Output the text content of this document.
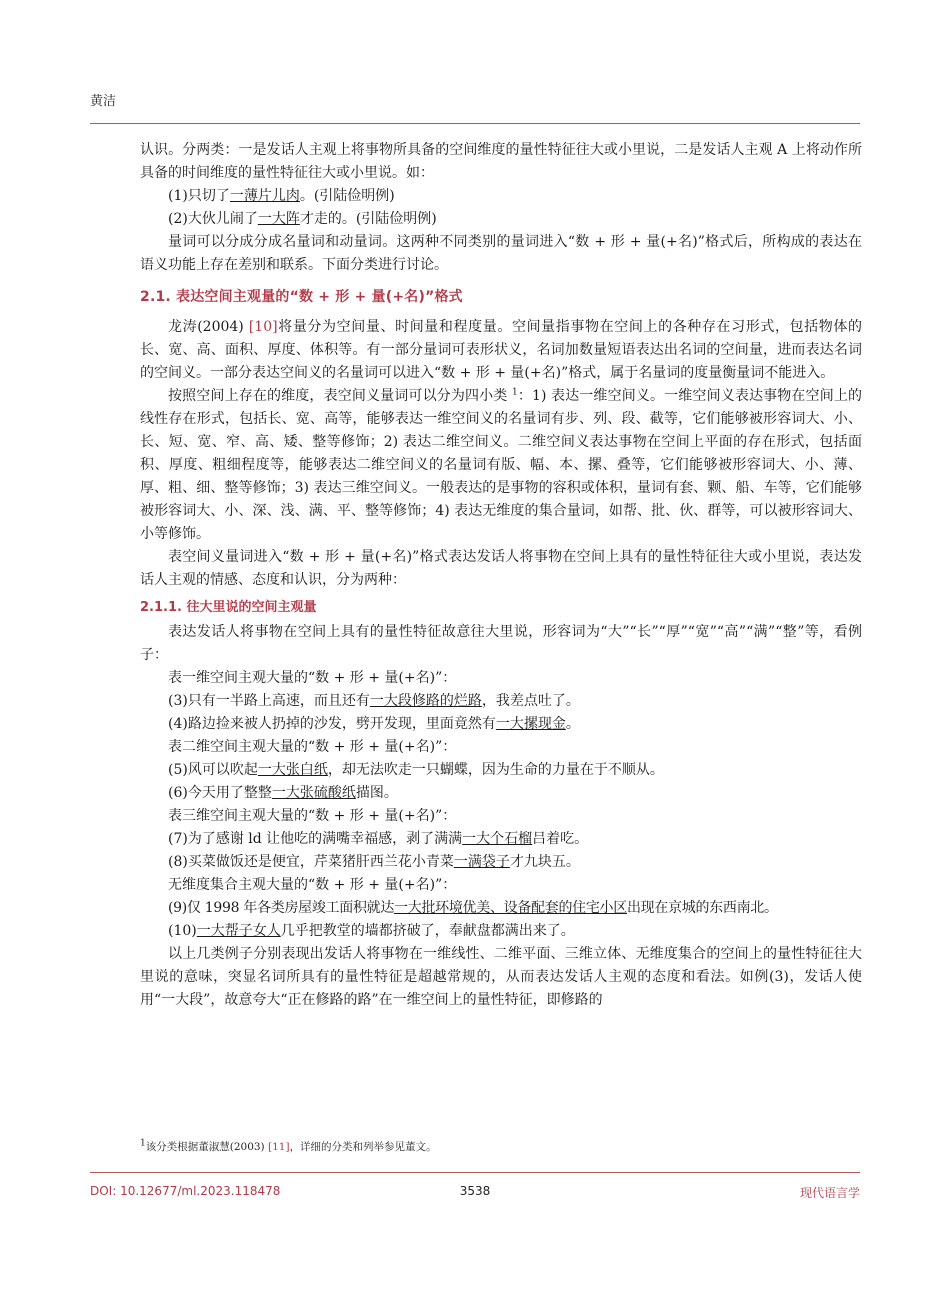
黄洁

认识。分两类：一是发话人主观上将事物所具备的空间维度的量性特征往大或小里说，二是发话人主观 A 上将动作所具备的时间维度的量性特征往大或小里说。如：

(1)只切了一薄片儿肉。(引陆俭明例)

(2)大伙儿闹了一大阵才走的。(引陆俭明例)

量词可以分成分成名量词和动量词。这两种不同类别的量词进入“数 + 形 + 量(+名)”格式后，所构成的表达在语义功能上存在差别和联系。下面分类进行讨论。

2.1. 表达空间主观量的“数 + 形 + 量(+名)”格式

龙涛(2004) [10]将量分为空间量、时间量和程度量。空间量指事物在空间上的各种存在习形式，包括物体的长、宽、高、面积、厚度、体积等。有一部分量词可表形状义，名词加数量短语表达出名词的空间量，进而表达名词的空间义。一部分表达空间义的名量词可以进入“数 + 形 + 量(+名)”格式，属于名量词的度量衡量词不能进入。

按照空间上存在的维度，表空间义量词可以分为四小类 $^1$：1) 表达一维空间义。一维空间义表达事物在空间上的线性存在形式，包括长、宽、高等，能够表达一维空间义的名量词有步、列、段、截等，它们能够被形容词大、小、长、短、宽、窄、高、矮、整等修饰；2) 表达二维空间义。二维空间义表达事物在空间上平面的存在形式，包括面积、厚度、粗细程度等，能够表达二维空间义的名量词有版、幅、本、摞、叠等，它们能够被形容词大、小、薄、厚、粗、细、整等修饰；3) 表达三维空间义。一般表达的是事物的容积或体积，量词有套、颗、船、车等，它们能够被形容词大、小、深、浅、满、平、整等修饰；4) 表达无维度的集合量词，如帮、批、伙、群等，可以被形容词大、小等修饰。

表空间义量词进入“数 + 形 + 量(+名)”格式表达发话人将事物在空间上具有的量性特征往大或小里说，表达发话人主观的情感、态度和认识，分为两种：

2.1.1. 往大里说的空间主观量

表达发话人将事物在空间上具有的量性特征故意往大里说，形容词为“大”“长”“厚”“宽”“高”“满”“整”等，看例子：

表一维空间主观大量的“数 + 形 + 量(+名)”：

(3)只有一半路上高速，而且还有一大段修路的烂路，我差点吐了。

(4)路边捡来被人扔掉的沙发，劈开发现，里面竟然有一大摞现金。

表二维空间主观大量的“数 + 形 + 量(+名)”：

(5)风可以吹起一大张白纸，却无法吹走一只蝴蝶，因为生命的力量在于不顺从。

(6)今天用了整整一大张硫酸纸描图。

表三维空间主观大量的“数 + 形 + 量(+名)”：

(7)为了感谢 ld 让他吃的满嘴幸福感，剥了满满一大个石榴吕着吃。

(8)买菜做饭还是便宜，芹菜猪肝西兰花小青菜一满袋子才九块五。

无维度集合主观大量的“数 + 形 + 量(+名)”：

(9)仅 1998 年各类房屋竣工面积就达一大批环境优美、设备配套的住宅小区出现在京城的东西南北。

(10)一大帮子女人几乎把教堂的墙都挤破了，奉献盘都满出来了。

以上几类例子分别表现出发话人将事物在一维线性、二维平面、三维立体、无维度集合的空间上的量性特征往大里说的意味，突显名词所具有的量性特征是超越常规的，从而表达发话人主观的态度和看法。如例(3)，发话人使用“一大段”，故意夸大“正在修路的路”在一维空间上的量性特征，即修路的

$^1$该分类根据董淑慧(2003) [11]，详细的分类和列举参见董文。
DOI: 10.12677/ml.2023.118478	3538	现代语言学
